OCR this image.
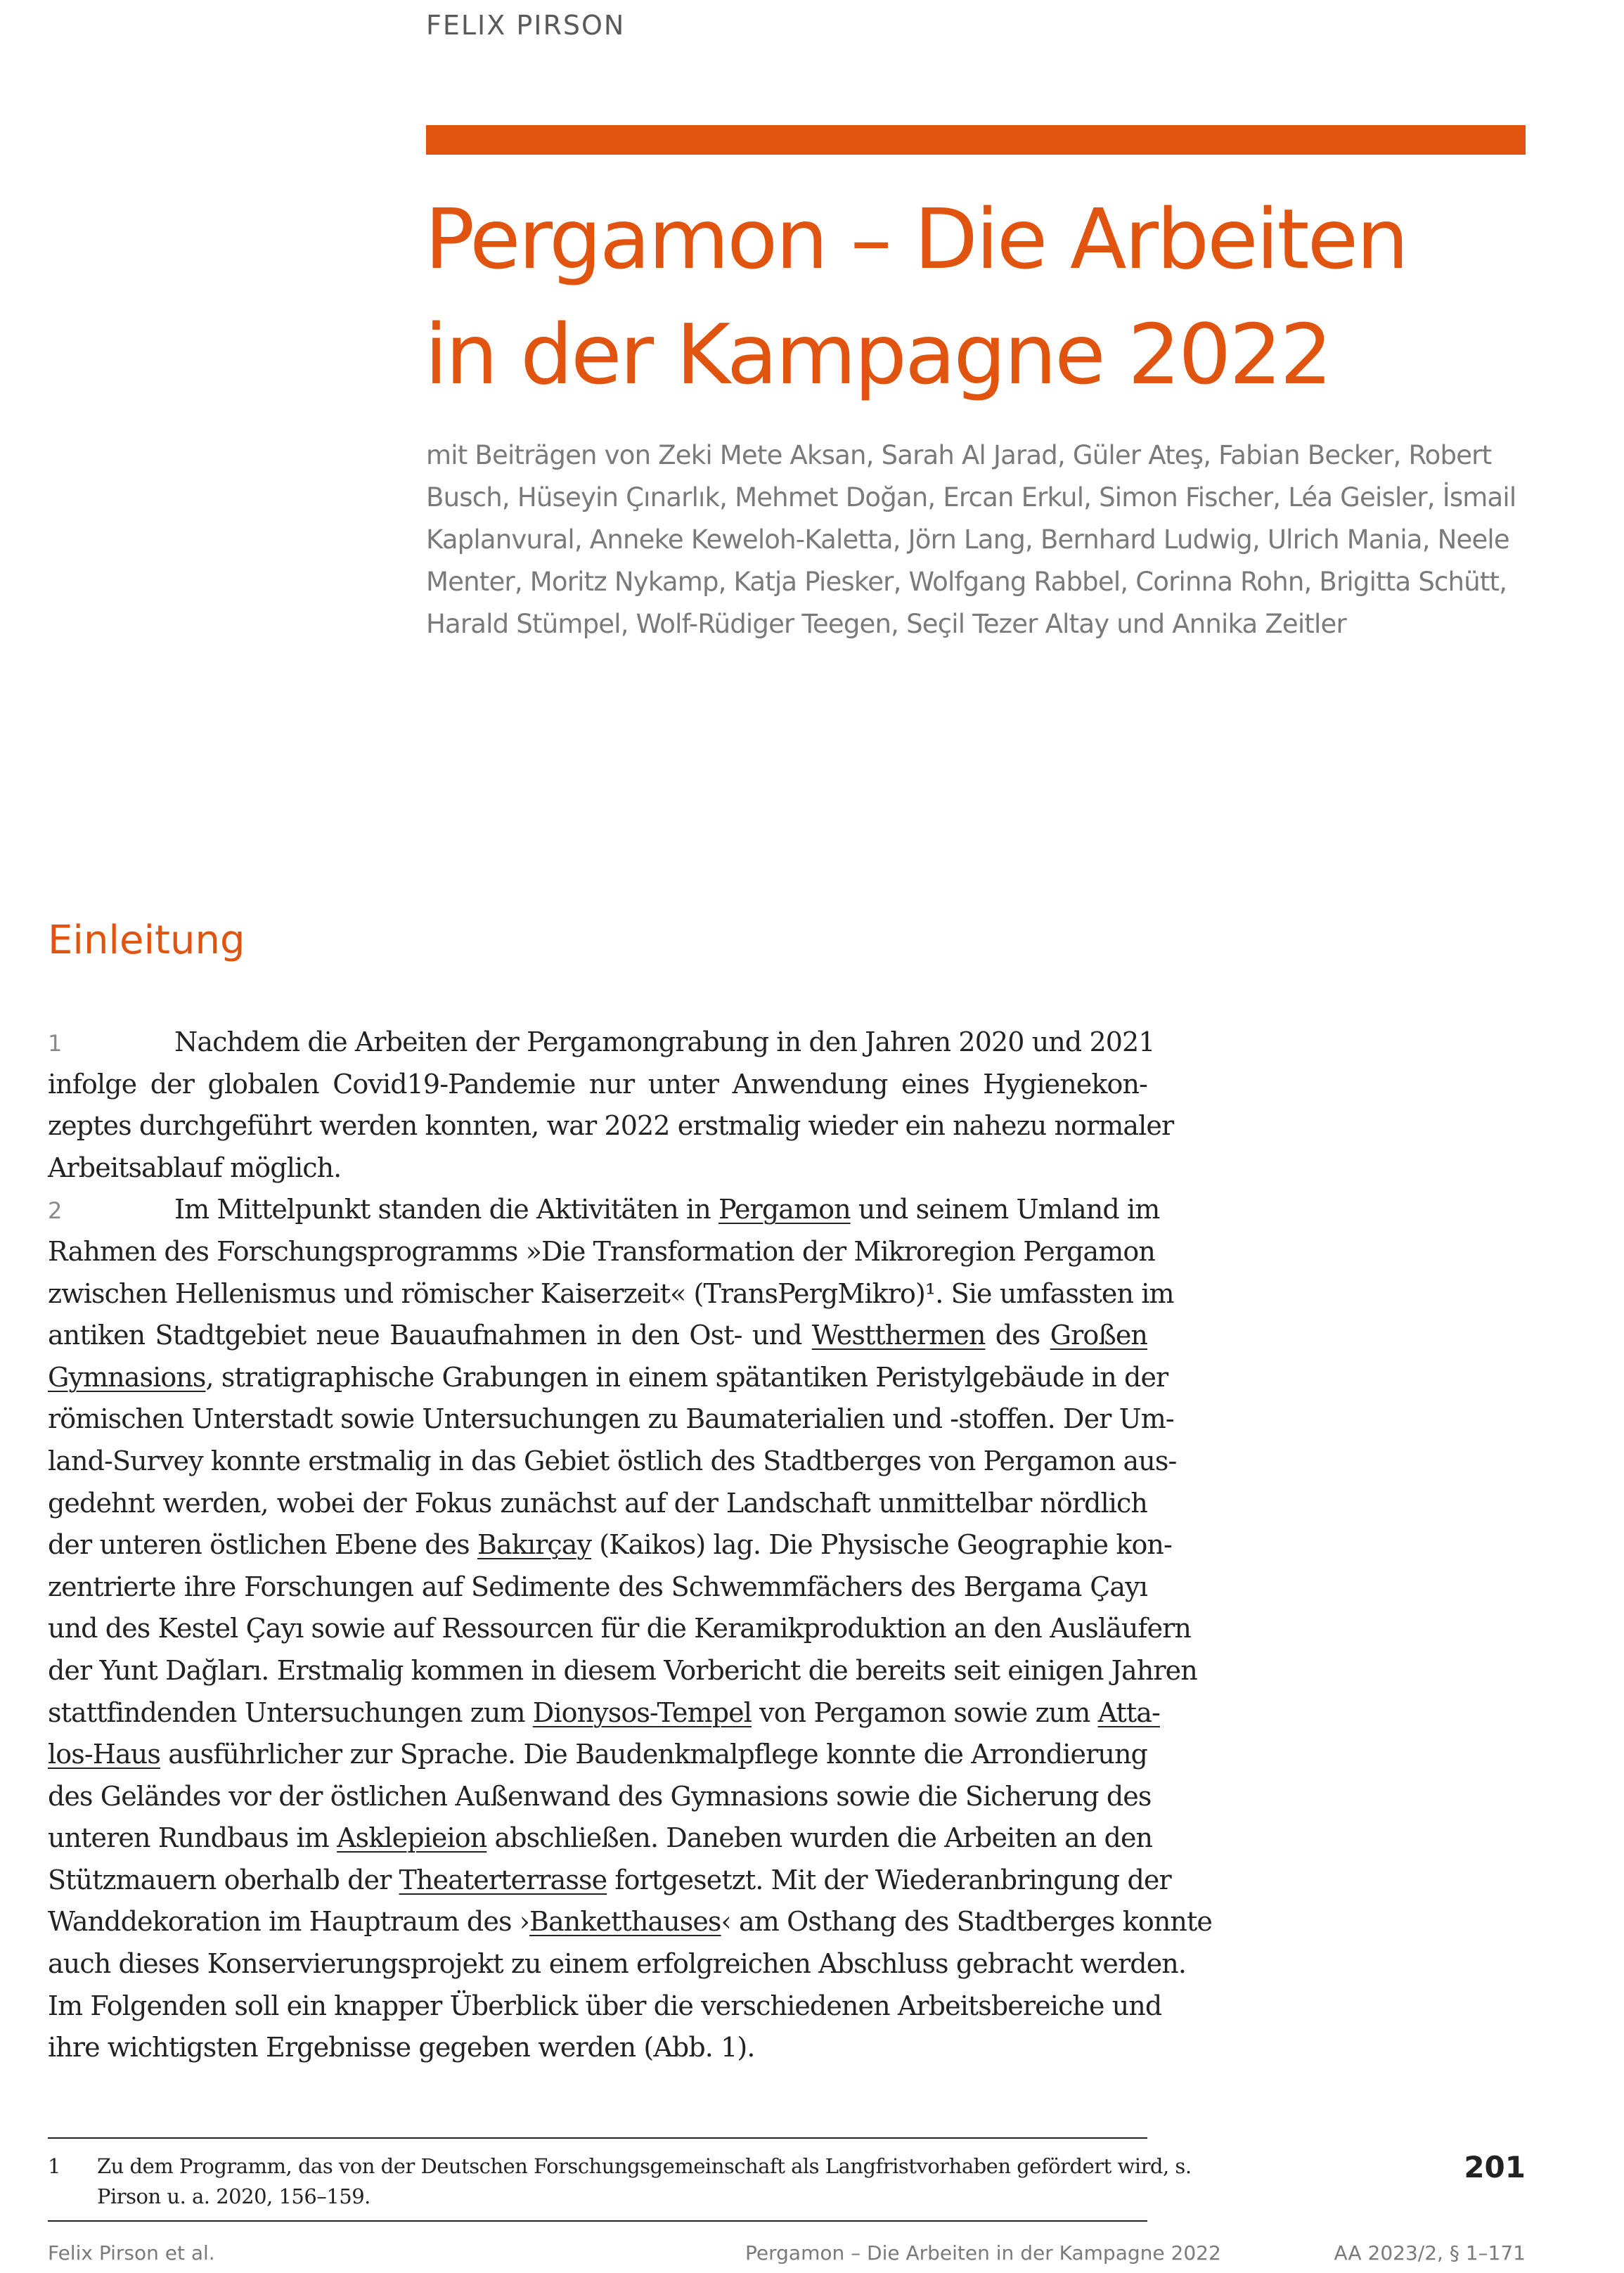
FELIX PIRSON
Pergamon – Die Arbeiten
in der Kampagne 2022
mit Beiträgen von Zeki Mete Aksan, Sarah Al Jarad, Güler Ateş, Fabian Becker, Robert
Busch, Hüseyin Çınarlık, Mehmet Doğan, Ercan Erkul, Simon Fischer, Léa Geisler, İsmail
Kaplanvural, Anneke Keweloh-Kaletta, Jörn Lang, Bernhard Ludwig, Ulrich Mania, Neele
Menter, Moritz Nykamp, Katja Piesker, Wolfgang Rabbel, Corinna Rohn, Brigitta Schütt,
Harald Stümpel, Wolf-Rüdiger Teegen, Seçil Tezer Altay und Annika Zeitler
Einleitung
1	Nachdem die Arbeiten der Pergamongrabung in den Jahren 2020 und 2021
infolge der globalen Covid19-Pandemie nur unter Anwendung eines Hygienekon-
zeptes durchgeführt werden konnten, war 2022 erstmalig wieder ein nahezu normaler
Arbeitsablauf möglich.
2	Im Mittelpunkt standen die Aktivitäten in Pergamon und seinem Umland im
Rahmen des Forschungsprogramms »Die Transformation der Mikroregion Pergamon
zwischen Hellenismus und römischer Kaiserzeit« (TransPergMikro)¹. Sie umfassten im
antiken Stadtgebiet neue Bauaufnahmen in den Ost- und Westthermen des Großen
Gymnasions, stratigraphische Grabungen in einem spätantiken Peristylgebäude in der
römischen Unterstadt sowie Untersuchungen zu Baumaterialien und -stoffen. Der Um-
land-Survey konnte erstmalig in das Gebiet östlich des Stadtberges von Pergamon aus-
gedehnt werden, wobei der Fokus zunächst auf der Landschaft unmittelbar nördlich
der unteren östlichen Ebene des Bakırçay (Kaikos) lag. Die Physische Geographie kon-
zentrierte ihre Forschungen auf Sedimente des Schwemmfächers des Bergama Çayı
und des Kestel Çayı sowie auf Ressourcen für die Keramikproduktion an den Ausläufern
der Yunt Dağları. Erstmalig kommen in diesem Vorbericht die bereits seit einigen Jahren
stattfindenden Untersuchungen zum Dionysos-Tempel von Pergamon sowie zum Atta-
los-Haus ausführlicher zur Sprache. Die Baudenkmalpflege konnte die Arrondierung
des Geländes vor der östlichen Außenwand des Gymnasions sowie die Sicherung des
unteren Rundbaus im Asklepieion abschließen. Daneben wurden die Arbeiten an den
Stützmauern oberhalb der Theaterterrasse fortgesetzt. Mit der Wiederanbringung der
Wanddekoration im Hauptraum des ›Banketthauses‹ am Osthang des Stadtberges konnte
auch dieses Konservierungsprojekt zu einem erfolgreichen Abschluss gebracht werden.
Im Folgenden soll ein knapper Überblick über die verschiedenen Arbeitsbereiche und
ihre wichtigsten Ergebnisse gegeben werden (Abb. 1).
1 Zu dem Programm, das von der Deutschen Forschungsgemeinschaft als Langfristvorhaben gefördert wird, s.
Pirson u. a. 2020, 156–159.
201
Felix Pirson et al.	Pergamon – Die Arbeiten in der Kampagne 2022	AA 2023/2, § 1–171
